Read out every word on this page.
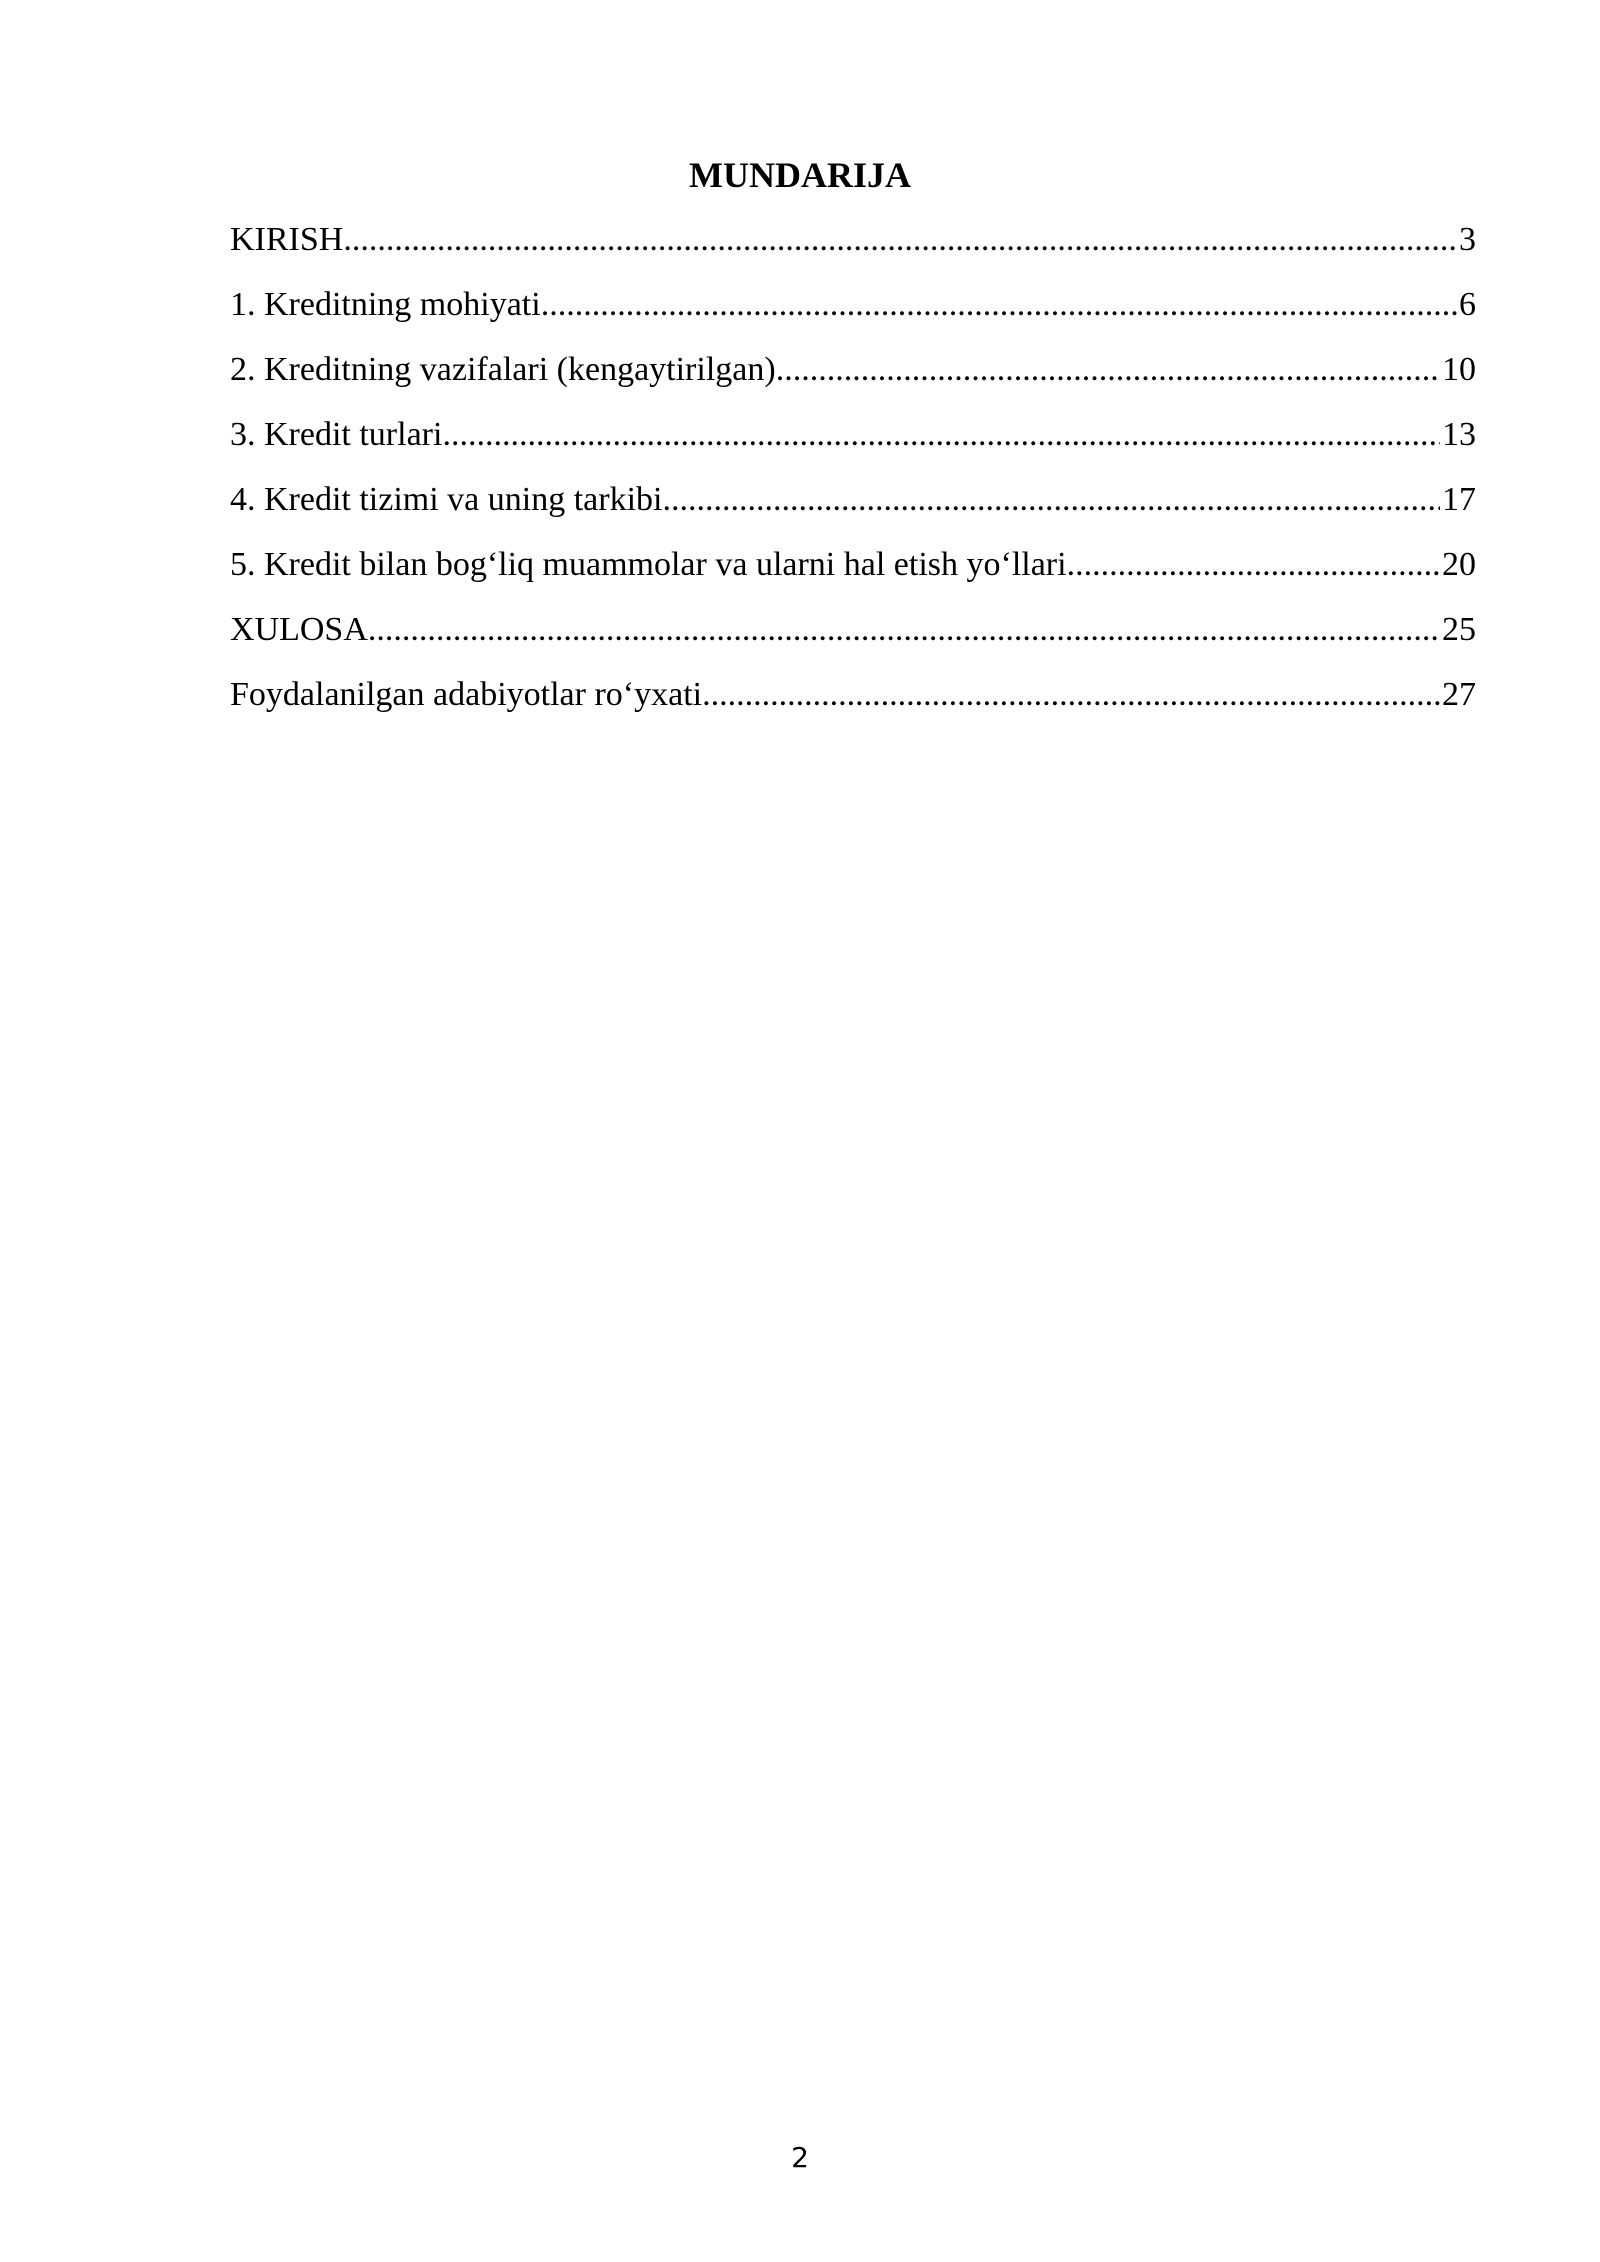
MUNDARIJA
KIRISH .....	3
1. Kreditning mohiyati .....	6
2. Kreditning vazifalari (kengaytirilgan) .....	10
3. Kredit turlari .....	13
4. Kredit tizimi va uning tarkibi .....	17
5. Kredit bilan bog‘liq muammolar va ularni hal etish yo‘llari .....	20
XULOSA .....	25
Foydalanilgan adabiyotlar ro‘yxati .....	27
2
